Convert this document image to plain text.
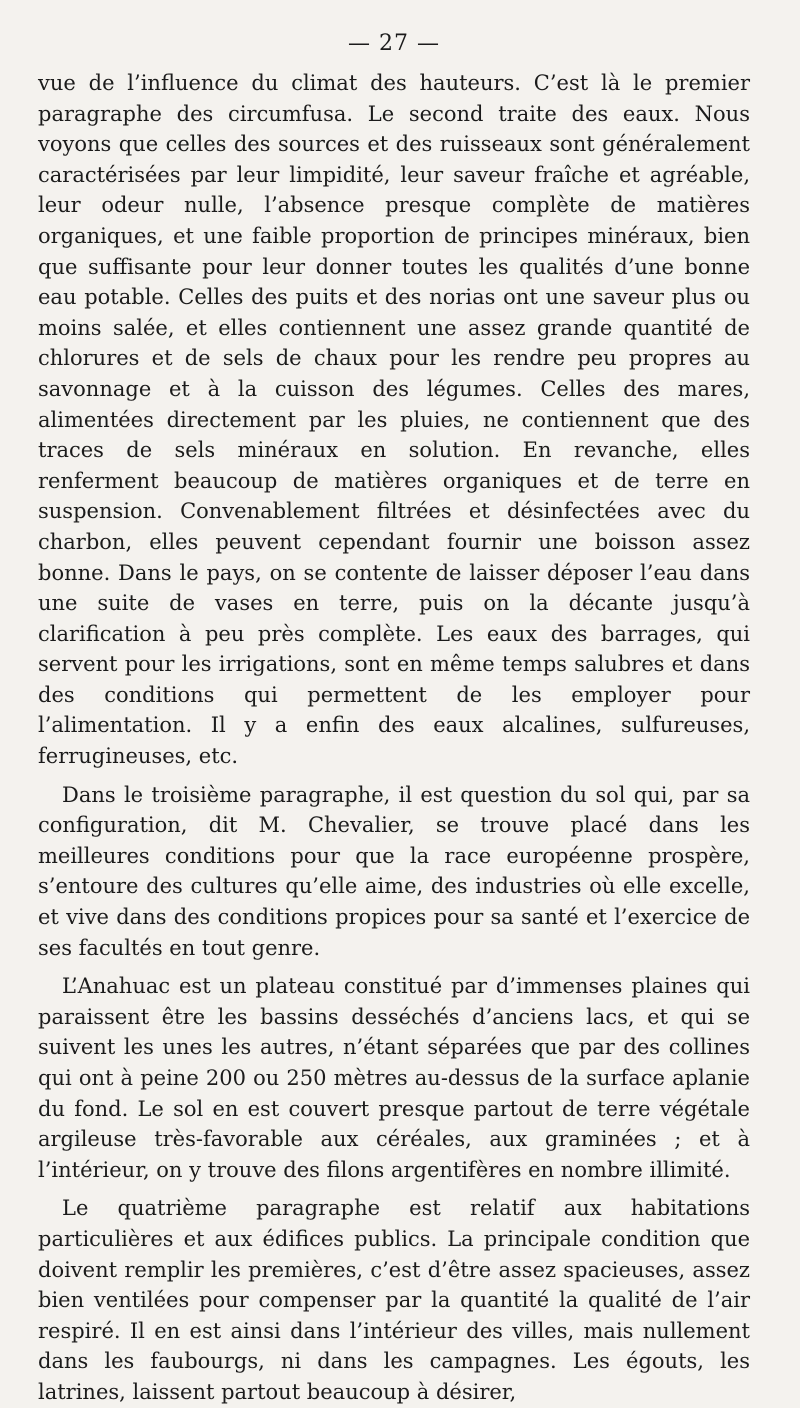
— 27 —

vue de l’influence du climat des hauteurs. C’est là le premier paragraphe des circumfusa. Le second traite des eaux. Nous voyons que celles des sources et des ruisseaux sont généralement caractérisées par leur limpidité, leur saveur fraîche et agréable, leur odeur nulle, l’absence presque complète de matières organiques, et une faible proportion de principes minéraux, bien que suffisante pour leur donner toutes les qualités d’une bonne eau potable. Celles des puits et des norias ont une saveur plus ou moins salée, et elles contiennent une assez grande quantité de chlorures et de sels de chaux pour les rendre peu propres au savonnage et à la cuisson des légumes. Celles des mares, alimentées directement par les pluies, ne contiennent que des traces de sels minéraux en solution. En revanche, elles renferment beaucoup de matières organiques et de terre en suspension. Convenablement filtrées et désinfectées avec du charbon, elles peuvent cependant fournir une boisson assez bonne. Dans le pays, on se contente de laisser déposer l’eau dans une suite de vases en terre, puis on la décante jusqu’à clarification à peu près complète. Les eaux des barrages, qui servent pour les irrigations, sont en même temps salubres et dans des conditions qui permettent de les employer pour l’alimentation. Il y a enfin des eaux alcalines, sulfureuses, ferrugineuses, etc.

Dans le troisième paragraphe, il est question du sol qui, par sa configuration, dit M. Chevalier, se trouve placé dans les meilleures conditions pour que la race européenne prospère, s’entoure des cultures qu’elle aime, des industries où elle excelle, et vive dans des conditions propices pour sa santé et l’exercice de ses facultés en tout genre.

L’Anahuac est un plateau constitué par d’immenses plaines qui paraissent être les bassins desséchés d’anciens lacs, et qui se suivent les unes les autres, n’étant séparées que par des collines qui ont à peine 200 ou 250 mètres au-dessus de la surface aplanie du fond. Le sol en est couvert presque partout de terre végétale argileuse très-favorable aux céréales, aux graminées ; et à l’intérieur, on y trouve des filons argentifères en nombre illimité.

Le quatrième paragraphe est relatif aux habitations particulières et aux édifices publics. La principale condition que doivent remplir les premières, c’est d’être assez spacieuses, assez bien ventilées pour compenser par la quantité la qualité de l’air respiré. Il en est ainsi dans l’intérieur des villes, mais nullement dans les faubourgs, ni dans les campagnes. Les égouts, les latrines, laissent partout beaucoup à désirer,
